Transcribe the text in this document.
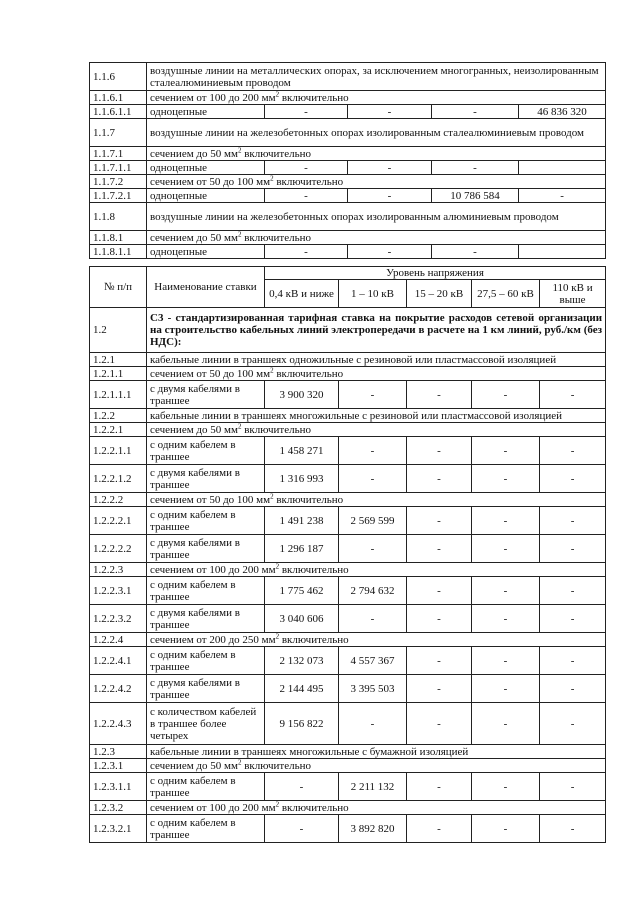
1.1.6	воздушные линии на металлических опорах, за исключением многогранных, неизолированным сталеалюминиевым проводом				
1.1.6.1	сечением от 100 до 200 $мм^2$ включительно				
1.1.6.1.1	одноцепные	-	-	-	46 836 320
1.1.7	воздушные линии на железобетонных опорах изолированным сталеалюминиевым проводом				
1.1.7.1	сечением до 50 $мм^2$ включительно				
1.1.7.1.1	одноцепные	-	-	-	
1.1.7.2	сечением от 50 до 100 $мм^2$ включительно				
1.1.7.2.1	одноцепные	-	-	10 786 584	-
1.1.8	воздушные линии на железобетонных опорах изолированным алюминиевым проводом				
1.1.8.1	сечением до 50 $мм^2$ включительно				
1.1.8.1.1	одноцепные	-	-	-	
№ п/п	Наименование ставки	Уровень напряжения				
		0,4 кВ и ниже	1 – 10 кВ	15 – 20 кВ	27,5 – 60 кВ	110 кВ и выше
1.2	С3 - стандартизированная тарифная ставка на покрытие расходов сетевой организации на строительство кабельных линий электропередачи в расчете на 1 км линий, руб./км (без НДС):					
1.2.1	кабельные линии в траншеях одножильные с резиновой или пластмассовой изоляцией					
1.2.1.1	сечением от 50 до 100 $мм^2$ включительно					
1.2.1.1.1	с двумя кабелями в траншее	3 900 320	-	-	-	-
1.2.2	кабельные линии в траншеях многожильные с резиновой или пластмассовой изоляцией					
1.2.2.1	сечением до 50 $мм^2$ включительно					
1.2.2.1.1	с одним кабелем в траншее	1 458 271	-	-	-	-
1.2.2.1.2	с двумя кабелями в траншее	1 316 993	-	-	-	-
1.2.2.2	сечением от 50 до 100 $мм^2$ включительно					
1.2.2.2.1	с одним кабелем в траншее	1 491 238	2 569 599	-	-	-
1.2.2.2.2	с двумя кабелями в траншее	1 296 187	-	-	-	-
1.2.2.3	сечением от 100 до 200 $мм^2$ включительно					
1.2.2.3.1	с одним кабелем в траншее	1 775 462	2 794 632	-	-	-
1.2.2.3.2	с двумя кабелями в траншее	3 040 606	-	-	-	-
1.2.2.4	сечением от 200 до 250 $мм^2$ включительно					
1.2.2.4.1	с одним кабелем в траншее	2 132 073	4 557 367	-	-	-
1.2.2.4.2	с двумя кабелями в траншее	2 144 495	3 395 503	-	-	-
1.2.2.4.3	с количеством кабелей в траншее более четырех	9 156 822	-	-	-	-
1.2.3	кабельные линии в траншеях многожильные с бумажной изоляцией					
1.2.3.1	сечением до 50 $мм^2$ включительно					
1.2.3.1.1	с одним кабелем в траншее	-	2 211 132	-	-	-
1.2.3.2	сечением от 100 до 200 $мм^2$ включительно					
1.2.3.2.1	с одним кабелем в траншее	-	3 892 820	-	-	-
